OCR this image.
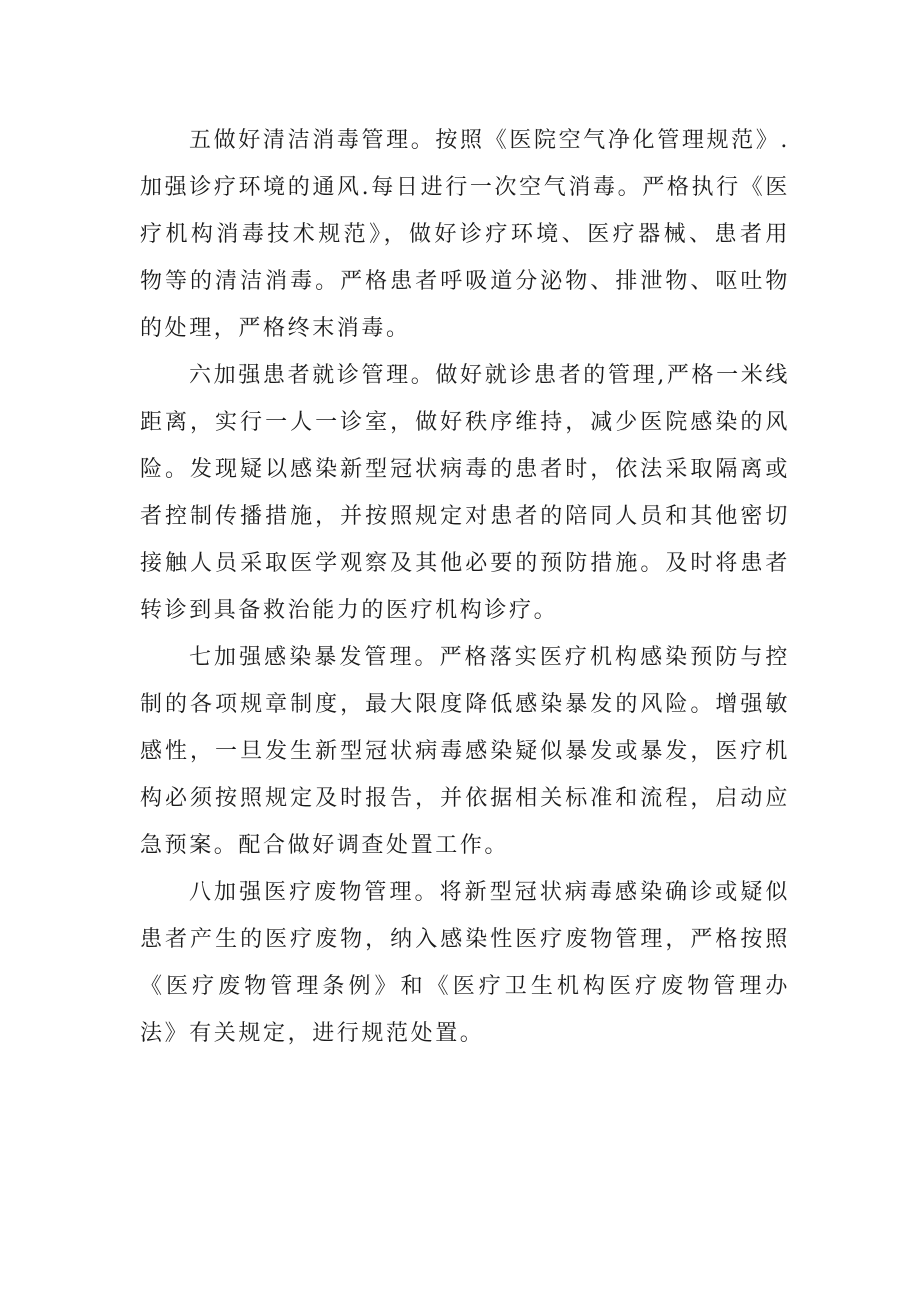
五做好清洁消毒管理。按照《医院空气净化管理规范》.加强诊疗环境的通风.每日进行一次空气消毒。严格执行《医疗机构消毒技术规范》，做好诊疗环境、医疗器械、患者用物等的清洁消毒。严格患者呼吸道分泌物、排泄物、呕吐物的处理，严格终末消毒。

六加强患者就诊管理。做好就诊患者的管理,严格一米线距离，实行一人一诊室，做好秩序维持，减少医院感染的风险。发现疑以感染新型冠状病毒的患者时，依法采取隔离或者控制传播措施，并按照规定对患者的陪同人员和其他密切接触人员采取医学观察及其他必要的预防措施。及时将患者转诊到具备救治能力的医疗机构诊疗。

七加强感染暴发管理。严格落实医疗机构感染预防与控制的各项规章制度，最大限度降低感染暴发的风险。增强敏感性，一旦发生新型冠状病毒感染疑似暴发或暴发，医疗机构必须按照规定及时报告，并依据相关标准和流程，启动应急预案。配合做好调查处置工作。

八加强医疗废物管理。将新型冠状病毒感染确诊或疑似患者产生的医疗废物，纳入感染性医疗废物管理，严格按照《医疗废物管理条例》和《医疗卫生机构医疗废物管理办法》有关规定，进行规范处置。
